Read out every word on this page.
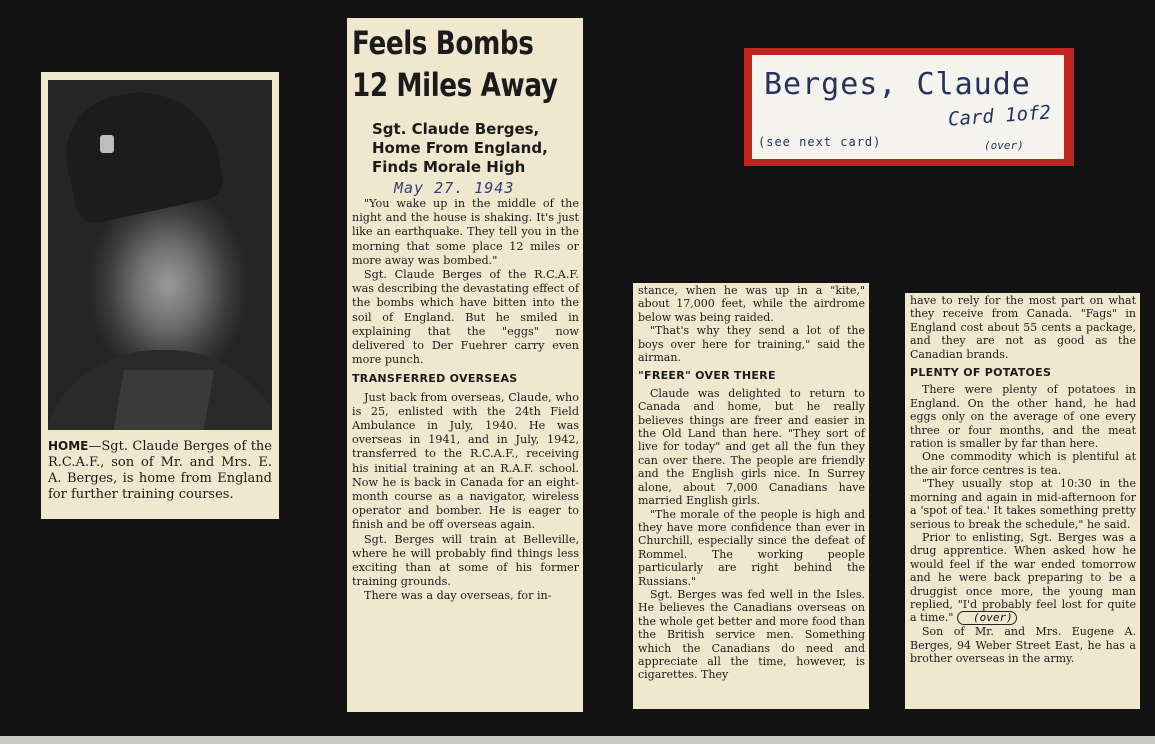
HOME—Sgt. Claude Berges of the R.C.A.F., son of Mr. and Mrs. E. A. Berges, is home from England for further training courses.
Feels Bombs
12 Miles Away
Sgt. Claude Berges,
Home From England,
Finds Morale High
May 27. 1943

"You wake up in the middle of the night and the house is shaking. It's just like an earthquake. They tell you in the morning that some place 12 miles or more away was bombed."

Sgt. Claude Berges of the R.C.A.F. was describing the devastating effect of the bombs which have bitten into the soil of England. But he smiled in explaining that the "eggs" now delivered to Der Fuehrer carry even more punch.

TRANSFERRED OVERSEAS

Just back from overseas, Claude, who is 25, enlisted with the 24th Field Ambulance in July, 1940. He was overseas in 1941, and in July, 1942, transferred to the R.C.A.F., receiving his initial training at an R.A.F. school. Now he is back in Canada for an eight-month course as a navigator, wireless operator and bomber. He is eager to finish and be off overseas again.

Sgt. Berges will train at Belleville, where he will probably find things less exciting than at some of his former training grounds.

There was a day overseas, for in-

Berges, Claude
Card 1of2
(see next card)	(over)

stance, when he was up in a "kite," about 17,000 feet, while the airdrome below was being raided.

"That's why they send a lot of the boys over here for training," said the airman.

"FREER" OVER THERE

Claude was delighted to return to Canada and home, but he really believes things are freer and easier in the Old Land than here. "They sort of live for today" and get all the fun they can over there. The people are friendly and the English girls nice. In Surrey alone, about 7,000 Canadians have married English girls.

"The morale of the people is high and they have more confidence than ever in Churchill, especially since the defeat of Rommel. The working people particularly are right behind the Russians."

Sgt. Berges was fed well in the Isles. He believes the Canadians overseas on the whole get better and more food than the British service men. Something which the Canadians do need and appreciate all the time, however, is cigarettes. They

have to rely for the most part on what they receive from Canada. "Fags" in England cost about 55 cents a package, and they are not as good as the Canadian brands.

PLENTY OF POTATOES

There were plenty of potatoes in England. On the other hand, he had eggs only on the average of one every three or four months, and the meat ration is smaller by far than here.

One commodity which is plentiful at the air force centres is tea.

"They usually stop at 10:30 in the morning and again in mid-afternoon for a 'spot of tea.' It takes something pretty serious to break the schedule," he said.

Prior to enlisting, Sgt. Berges was a drug apprentice. When asked how he would feel if the war ended tomorrow and he were back preparing to be a druggist once more, the young man replied, "I'd probably feel lost for quite a time." (over)

Son of Mr. and Mrs. Eugene A. Berges, 94 Weber Street East, he has a brother overseas in the army.
